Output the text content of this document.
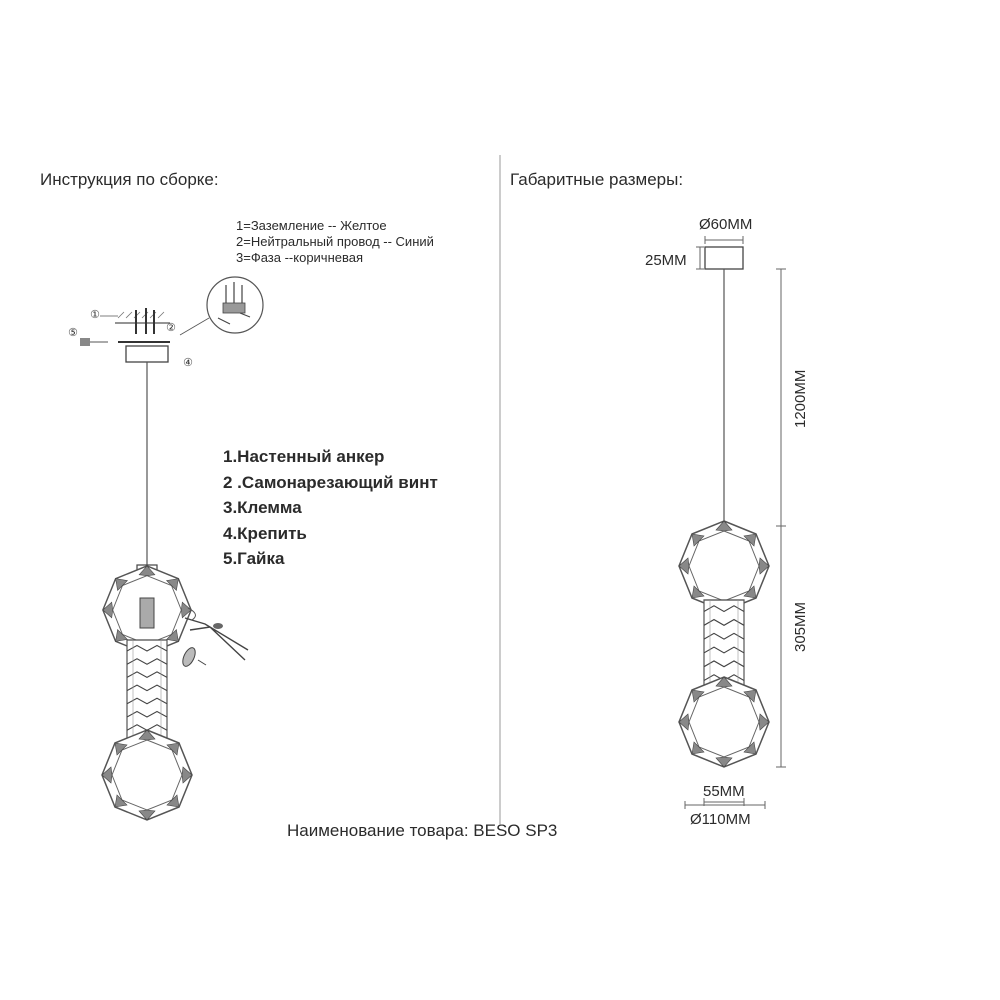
Инструкция по сборке:	Габаритные размеры:
1=Заземление -- Желтое
2=Нейтральный провод -- Синий
3=Фаза --коричневая
1.Настенный анкер
2 .Самонарезающий винт
3.Клемма
4.Крепить
5.Гайка
①
②
④
⑤
Ø60MM
25MM
1200MM
305MM
55MM
Ø110MM
Наименование товара: BESO SP3
